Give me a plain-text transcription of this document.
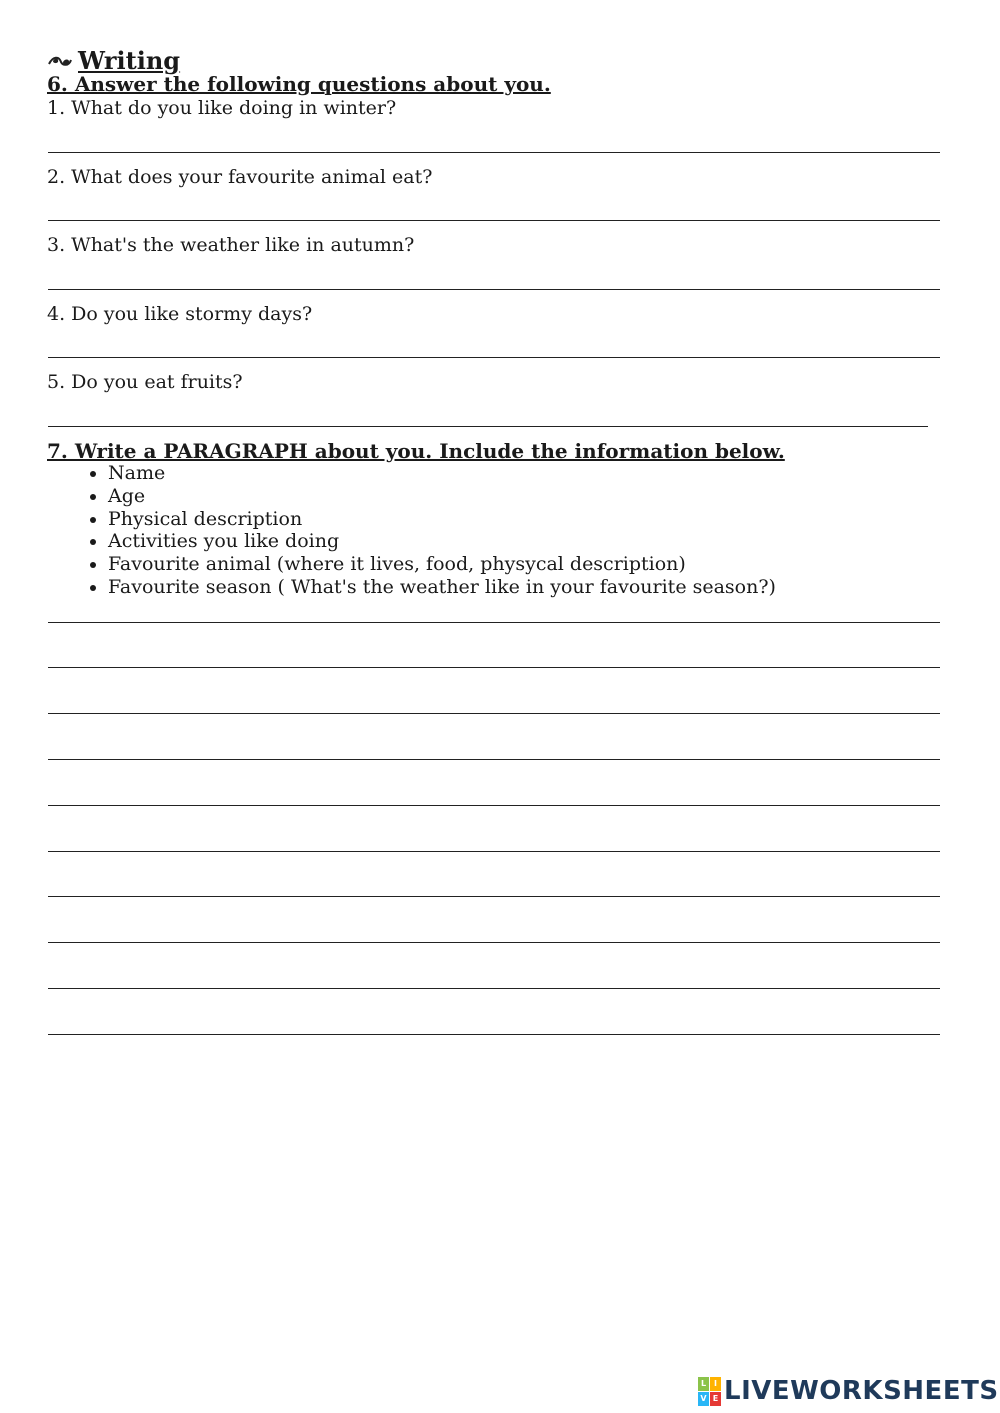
Writing
6. Answer the following questions about you.
1. What do you like doing in winter?
2. What does your favourite animal eat?
3. What's the weather like in autumn?
4. Do you like stormy days?
5. Do you eat fruits?
7. Write a PARAGRAPH about you. Include the information below.
• Name
• Age
• Physical description
• Activities you like doing
• Favourite animal (where it lives, food, physycal description)
• Favourite season ( What's the weather like in your favourite season?)
L I
V E LIVEWORKSHEETS
